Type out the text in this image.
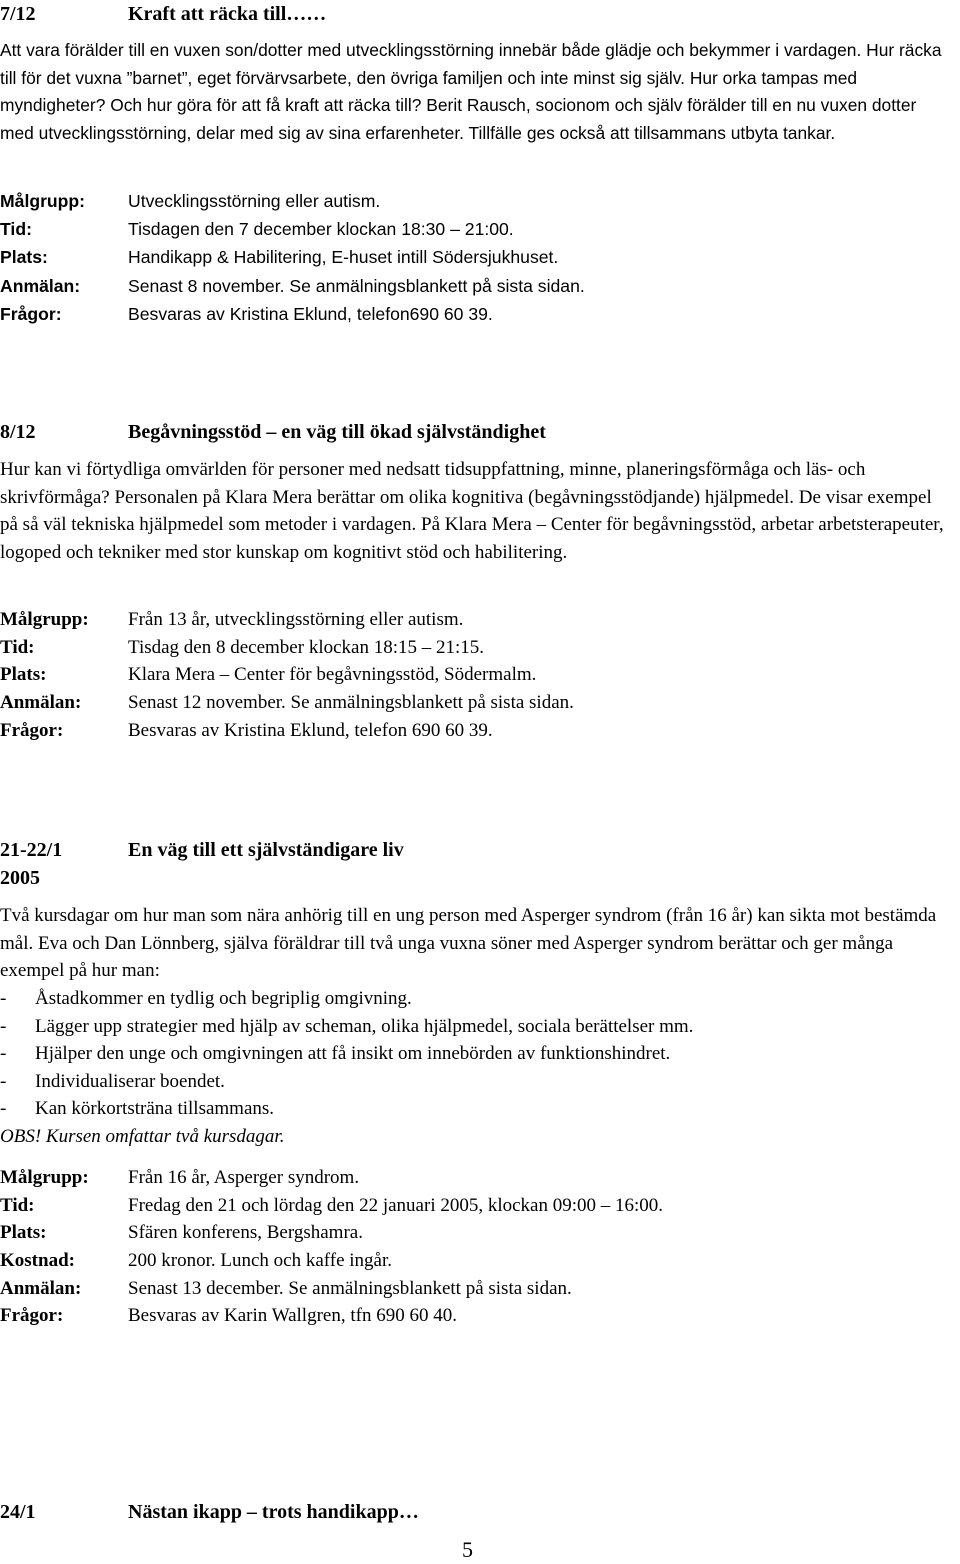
7/12	Kraft att räcka till……

Att vara förälder till en vuxen son/dotter med utvecklingsstörning innebär både glädje och bekymmer i vardagen. Hur räcka till för det vuxna ”barnet”, eget förvärvsarbete, den övriga familjen och inte minst sig själv. Hur orka tampas med myndigheter? Och hur göra för att få kraft att räcka till? Berit Rausch, socionom och själv förälder till en nu vuxen dotter med utvecklingsstörning, delar med sig av sina erfarenheter. Tillfälle ges också att tillsammans utbyta tankar.

Målgrupp: Utvecklingsstörning eller autism.
Tid:	Tisdagen den 7 december klockan 18:30 – 21:00.
Plats:	Handikapp & Habilitering, E-huset intill Södersjukhuset.
Anmälan:	Senast 8 november. Se anmälningsblankett på sista sidan.
Frågor:	Besvaras av Kristina Eklund, telefon690 60 39.
8/12	Begåvningsstöd – en väg till ökad självständighet

Hur kan vi förtydliga omvärlden för personer med nedsatt tidsuppfattning, minne, planeringsförmåga och läs- och skrivförmåga? Personalen på Klara Mera berättar om olika kognitiva (begåvningsstödjande) hjälpmedel. De visar exempel på så väl tekniska hjälpmedel som metoder i vardagen. På Klara Mera – Center för begåvningsstöd, arbetar arbetsterapeuter, logoped och tekniker med stor kunskap om kognitivt stöd och habilitering.

Målgrupp: Från 13 år, utvecklingsstörning eller autism.
Tid:	Tisdag den 8 december klockan 18:15 – 21:15.
Plats:	Klara Mera – Center för begåvningsstöd, Södermalm.
Anmälan: Senast 12 november. Se anmälningsblankett på sista sidan.
Frågor:	Besvaras av Kristina Eklund, telefon 690 60 39.
21-22/1	En väg till ett självständigare liv
2005

Två kursdagar om hur man som nära anhörig till en ung person med Asperger syndrom (från 16 år) kan sikta mot bestämda mål. Eva och Dan Lönnberg, själva föräldrar till två unga vuxna söner med Asperger syndrom berättar och ger många exempel på hur man:

- Åstadkommer en tydlig och begriplig omgivning.
- Lägger upp strategier med hjälp av scheman, olika hjälpmedel, sociala berättelser mm.
- Hjälper den unge och omgivningen att få insikt om innebörden av funktionshindret.
- Individualiserar boendet.
- Kan körkortsträna tillsammans.
OBS! Kursen omfattar två kursdagar.
Målgrupp: Från 16 år, Asperger syndrom.
Tid:	Fredag den 21 och lördag den 22 januari 2005, klockan 09:00 – 16:00.
Plats:	Sfären konferens, Bergshamra.
Kostnad:	200 kronor. Lunch och kaffe ingår.
Anmälan: Senast 13 december. Se anmälningsblankett på sista sidan.
Frågor:	Besvaras av Karin Wallgren, tfn 690 60 40.
24/1	Nästan ikapp – trots handikapp…
5
